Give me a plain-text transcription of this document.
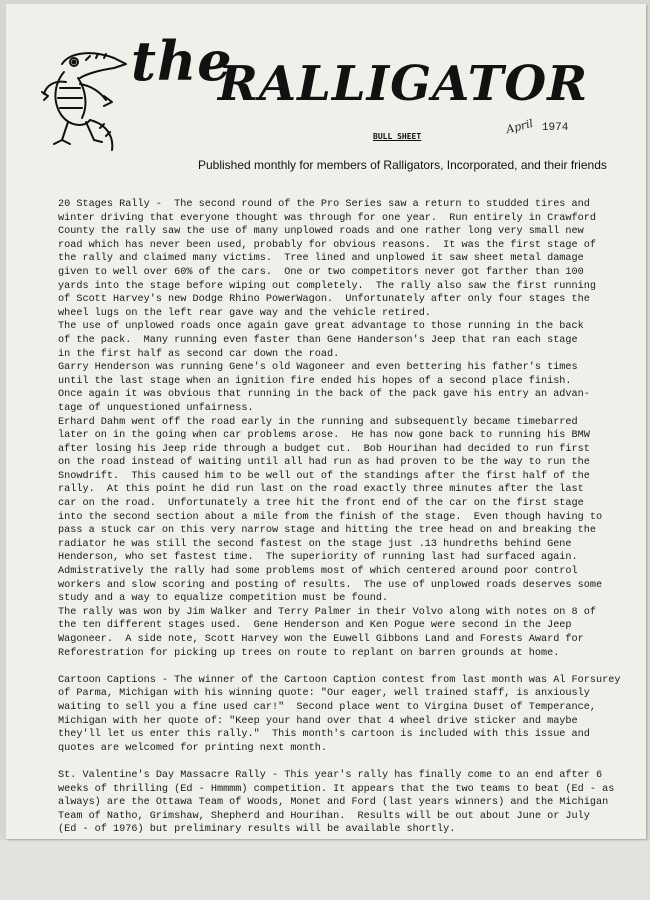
the
RALLIGATOR
BULL SHEET
April 1974
Published monthly for members of Ralligators, Incorporated, and their friends

20 Stages Rally -  The second round of the Pro Series saw a return to studded tires and

winter driving that everyone thought was through for one year.  Run entirely in Crawford

County the rally saw the use of many unplowed roads and one rather long very small new

road which has never been used, probably for obvious reasons.  It was the first stage of

the rally and claimed many victims.  Tree lined and unplowed it saw sheet metal damage

given to well over 60% of the cars.  One or two competitors never got farther than 100

yards into the stage before wiping out completely.  The rally also saw the first running

of Scott Harvey's new Dodge Rhino PowerWagon.  Unfortunately after only four stages the

wheel lugs on the left rear gave way and the vehicle retired.

The use of unplowed roads once again gave great advantage to those running in the back

of the pack.  Many running even faster than Gene Handerson's Jeep that ran each stage

in the first half as second car down the road.

Garry Henderson was running Gene's old Wagoneer and even bettering his father's times

until the last stage when an ignition fire ended his hopes of a second place finish.

Once again it was obvious that running in the back of the pack gave his entry an advan-

tage of unquestioned unfairness.

Erhard Dahm went off the road early in the running and subsequently became timebarred

later on in the going when car problems arose.  He has now gone back to running his BMW

after losing his Jeep ride through a budget cut.  Bob Hourihan had decided to run first

on the road instead of waiting until all had run as had proven to be the way to run the

Snowdrift.  This caused him to be well out of the standings after the first half of the

rally.  At this point he did run last on the road exactly three minutes after the last

car on the road.  Unfortunately a tree hit the front end of the car on the first stage

into the second section about a mile from the finish of the stage.  Even though having to

pass a stuck car on this very narrow stage and hitting the tree head on and breaking the

radiator he was still the second fastest on the stage just .13 hundreths behind Gene

Henderson, who set fastest time.  The superiority of running last had surfaced again.

Admistratively the rally had some problems most of which centered around poor control

workers and slow scoring and posting of results.  The use of unplowed roads deserves some

study and a way to equalize competition must be found.

The rally was won by Jim Walker and Terry Palmer in their Volvo along with notes on 8 of

the ten different stages used.  Gene Henderson and Ken Pogue were second in the Jeep

Wagoneer.  A side note, Scott Harvey won the Euwell Gibbons Land and Forests Award for

Reforestration for picking up trees on route to replant on barren grounds at home.

Cartoon Captions - The winner of the Cartoon Caption contest from last month was Al Forsurey

of Parma, Michigan with his winning quote: "Our eager, well trained staff, is anxiously

waiting to sell you a fine used car!"  Second place went to Virgina Duset of Temperance,

Michigan with her quote of: "Keep your hand over that 4 wheel drive sticker and maybe

they'll let us enter this rally."  This month's cartoon is included with this issue and

quotes are welcomed for printing next month.

St. Valentine's Day Massacre Rally - This year's rally has finally come to an end after 6

weeks of thrilling (Ed - Hmmmm) competition. It appears that the two teams to beat (Ed - as

always) are the Ottawa Team of Woods, Monet and Ford (last years winners) and the Michigan

Team of Natho, Grimshaw, Shepherd and Hourihan.  Results will be out about June or July

(Ed - of 1976) but preliminary results will be available shortly.
